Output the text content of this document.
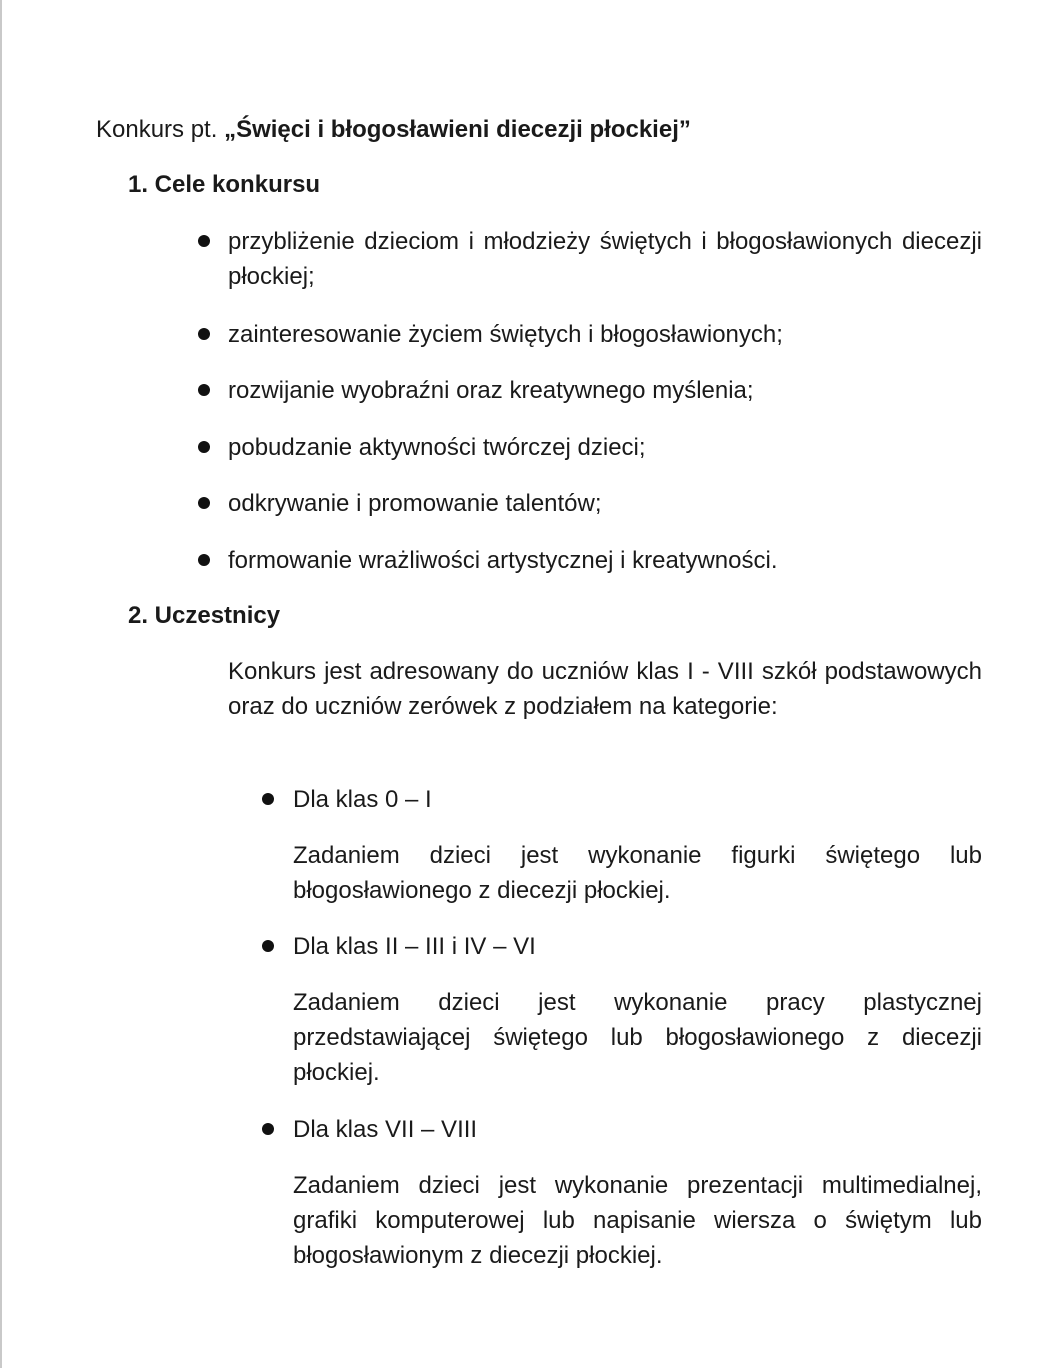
Konkurs pt. „Święci i błogosławieni diecezji płockiej”
1. Cele konkursu
przybliżenie dzieciom i młodzieży świętych i błogosławionych diecezji płockiej;
zainteresowanie życiem świętych i błogosławionych;
rozwijanie wyobraźni oraz kreatywnego myślenia;
pobudzanie aktywności twórczej dzieci;
odkrywanie i promowanie talentów;
formowanie wrażliwości artystycznej i kreatywności.
2. Uczestnicy
Konkurs jest adresowany do uczniów klas I - VIII szkół podstawowych oraz do uczniów zerówek z podziałem na kategorie:
Dla klas 0 – I
Zadaniem dzieci jest wykonanie figurki świętego lub błogosławionego z diecezji płockiej.
Dla klas II – III i IV – VI
Zadaniem dzieci jest wykonanie pracy plastycznej przedstawiającej świętego lub błogosławionego z diecezji płockiej.
Dla klas VII – VIII
Zadaniem dzieci jest wykonanie prezentacji multimedialnej, grafiki komputerowej lub napisanie wiersza o świętym lub błogosławionym z diecezji płockiej.
